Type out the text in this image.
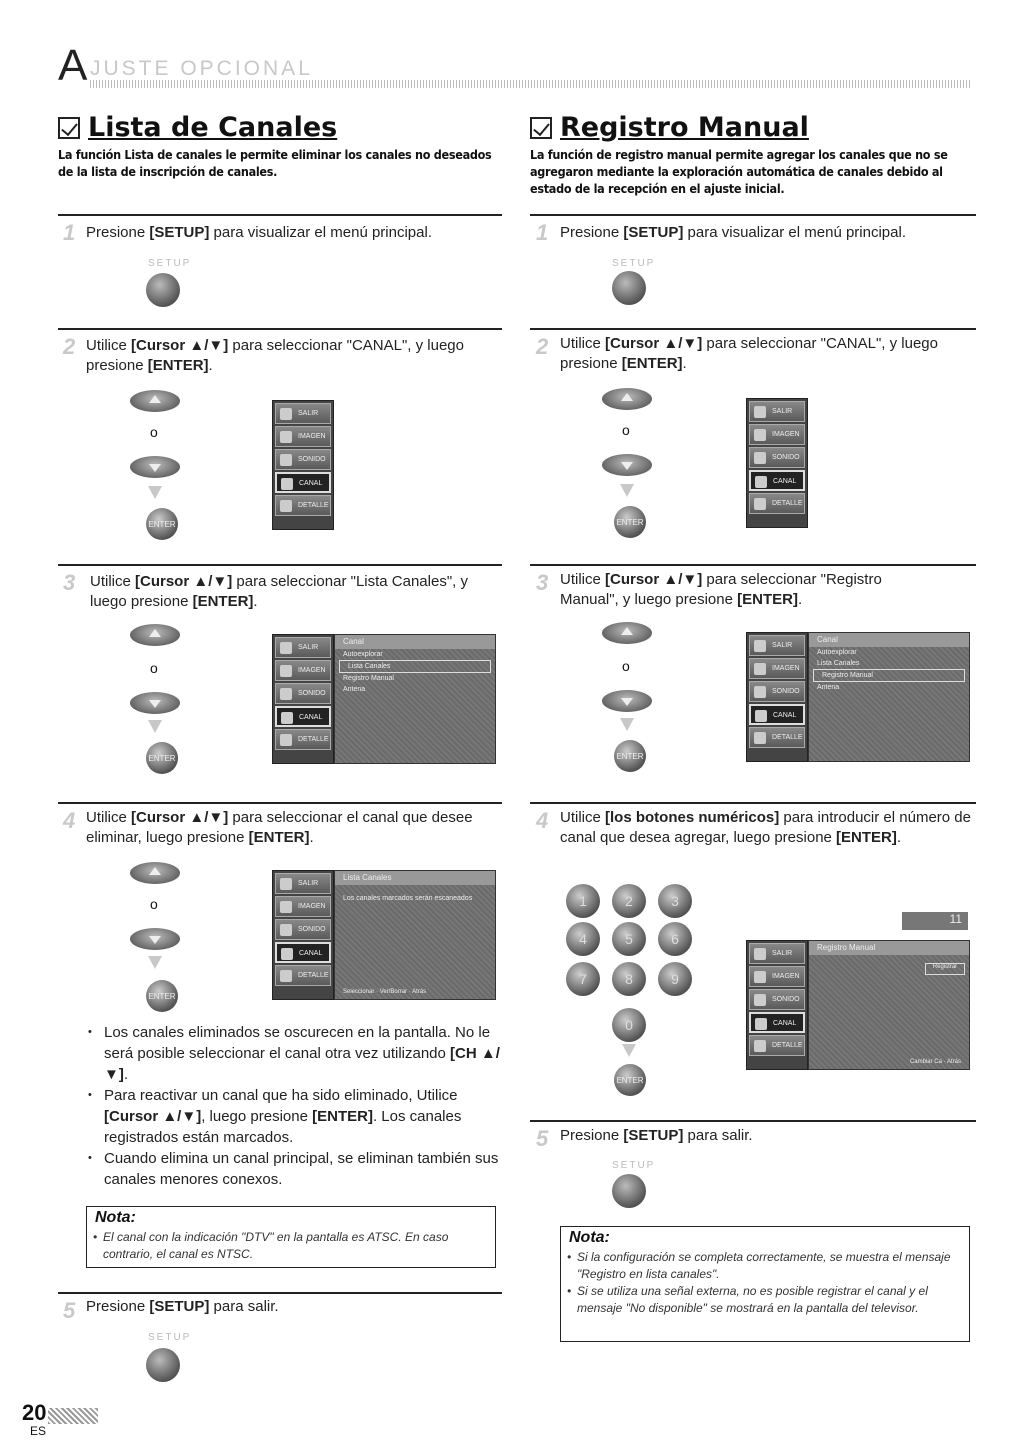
A JUSTE OPCIONAL
Lista de Canales
La función Lista de canales le permite eliminar los canales no deseados de la lista de inscripción de canales.
1 Presione [SETUP] para visualizar el menú principal.
SETUP
2 Utilice [Cursor ▲/▼] para seleccionar "CANAL", y luego presione [ENTER].
o
ENTER
SALIR
IMAGEN
SONIDO
CANAL
DETALLE
3 Utilice [Cursor ▲/▼] para seleccionar "Lista Canales", y luego presione [ENTER].
o
ENTER
SALIR
IMAGEN
SONIDO
CANAL
DETALLE
Canal
Autoexplorar
Lista Canales
Registro Manual
Antena
4 Utilice [Cursor ▲/▼] para seleccionar el canal que desee eliminar, luego presione [ENTER].
o
ENTER
SALIR
IMAGEN
SONIDO
CANAL
DETALLE
Lista Canales
Los canales marcados serán escaneados
Seleccionar · Ver/Borrar · Atrás
• Los canales eliminados se oscurecen en la pantalla. No le será posible seleccionar el canal otra vez utilizando [CH ▲/▼].
• Para reactivar un canal que ha sido eliminado, Utilice [Cursor ▲/▼], luego presione [ENTER]. Los canales registrados están marcados.
• Cuando elimina un canal principal, se eliminan también sus canales menores conexos.
Nota:
• El canal con la indicación "DTV" en la pantalla es ATSC. En caso contrario, el canal es NTSC.
5 Presione [SETUP] para salir.
SETUP
Registro Manual
La función de registro manual permite agregar los canales que no se agregaron mediante la exploración automática de canales debido al estado de la recepción en el ajuste inicial.
1 Presione [SETUP] para visualizar el menú principal.
SETUP
2 Utilice [Cursor ▲/▼] para seleccionar "CANAL", y luego presione [ENTER].
o
ENTER
SALIR
IMAGEN
SONIDO
CANAL
DETALLE
3 Utilice [Cursor ▲/▼] para seleccionar "Registro Manual", y luego presione [ENTER].
o
ENTER
SALIR
IMAGEN
SONIDO
CANAL
DETALLE
Canal
Autoexplorar
Lista Canales
Registro Manual
Antena
4 Utilice [los botones numéricos] para introducir el número de canal que desea agregar, luego presione [ENTER].
1	2	3
4	5	6
7	8	9
0
ENTER
11
SALIR
IMAGEN
SONIDO
CANAL
DETALLE
Registro Manual
Registrar
Cambiar Ca · Atrás
5 Presione [SETUP] para salir.
SETUP
Nota:
• Si la configuración se completa correctamente, se muestra el mensaje "Registro en lista canales".
• Si se utiliza una señal externa, no es posible registrar el canal y el mensaje "No disponible" se mostrará en la pantalla del televisor.
20
ES
